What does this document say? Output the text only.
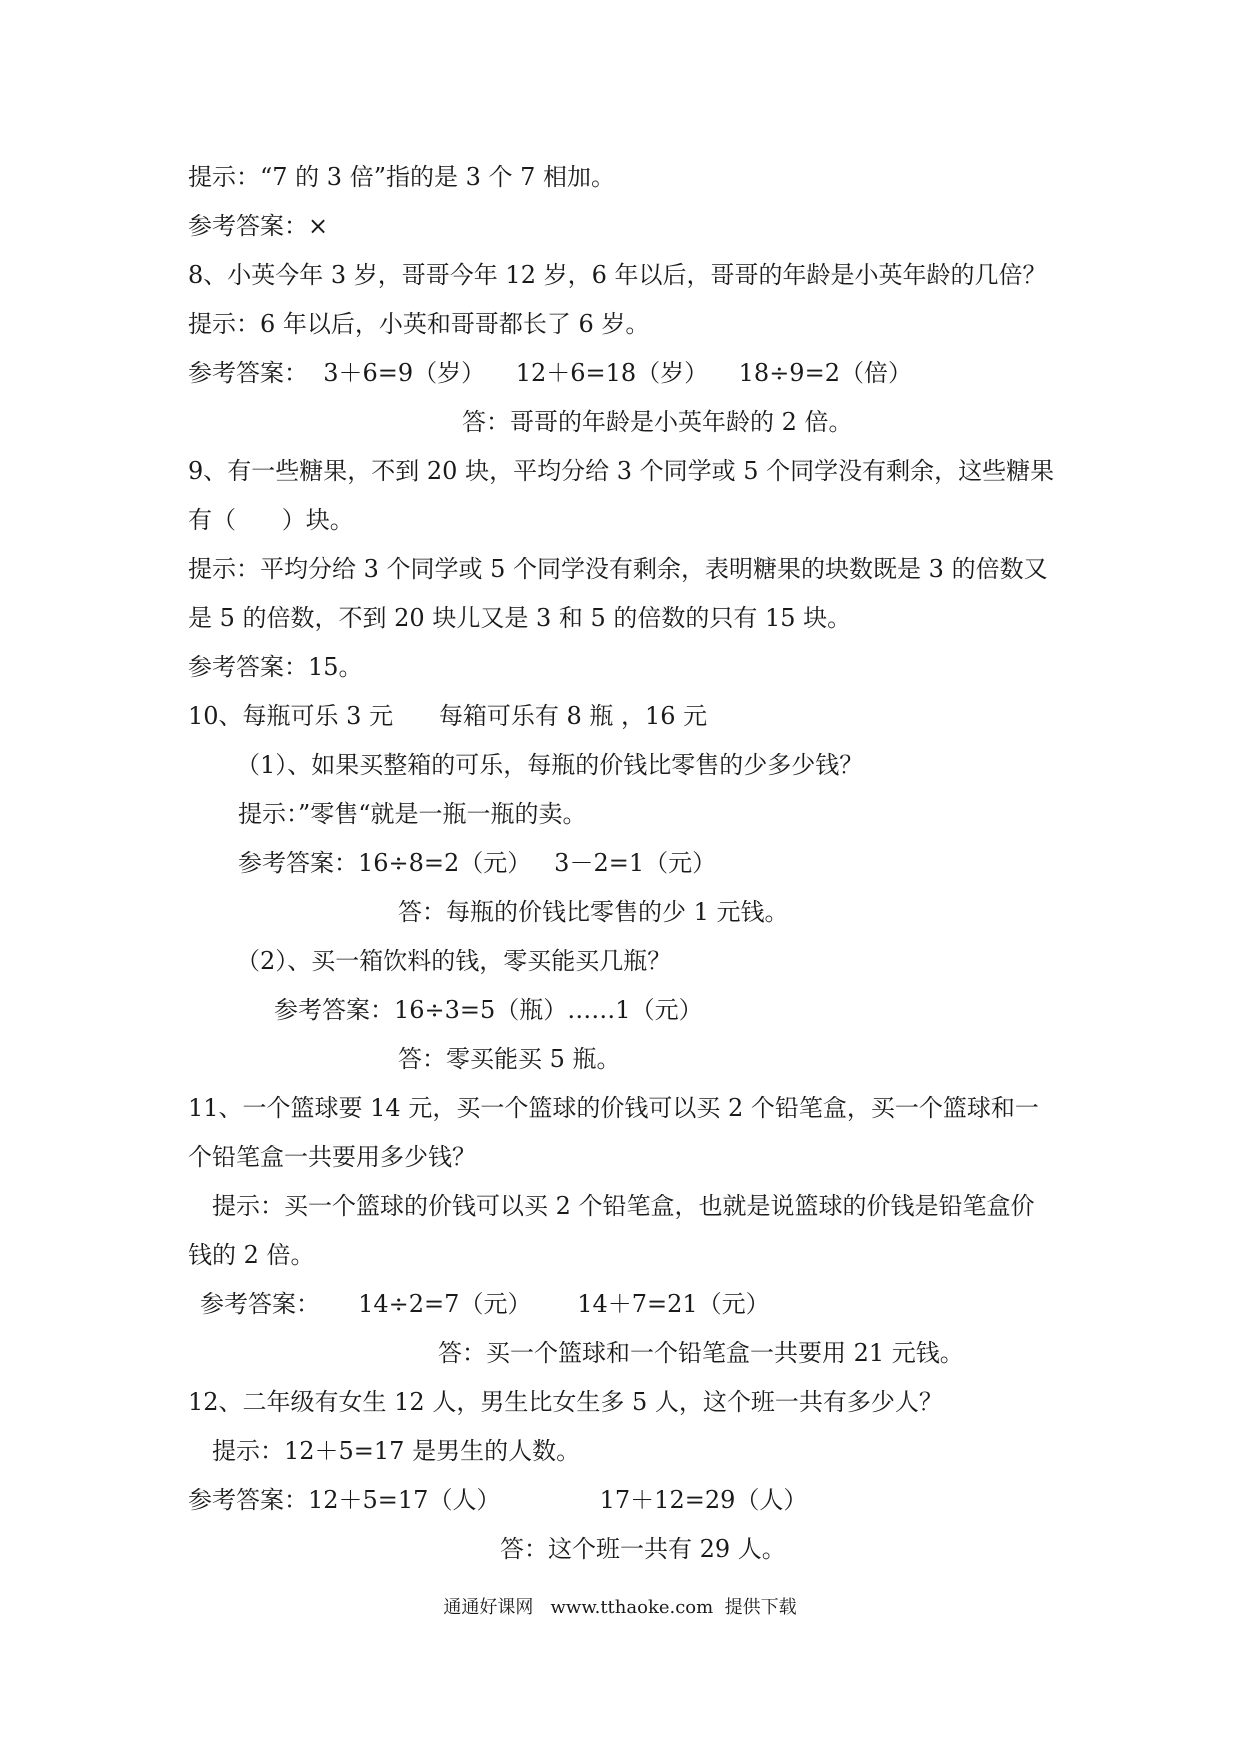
提示：“7 的 3 倍”指的是 3 个 7 相加。
参考答案：×
8、小英今年 3 岁，哥哥今年 12 岁，6 年以后，哥哥的年龄是小英年龄的几倍？
提示：6 年以后，小英和哥哥都长了 6 岁。
参考答案：  3＋6=9（岁）    12＋6=18（岁）    18÷9=2（倍）
答：哥哥的年龄是小英年龄的 2 倍。
9、有一些糖果，不到 20 块，平均分给 3 个同学或 5 个同学没有剩余，这些糖果
有（      ）块。
提示：平均分给 3 个同学或 5 个同学没有剩余，表明糖果的块数既是 3 的倍数又
是 5 的倍数，不到 20 块儿又是 3 和 5 的倍数的只有 15 块。
参考答案：15。
10、每瓶可乐 3 元      每箱可乐有 8 瓶 ，16 元
（1）、如果买整箱的可乐，每瓶的价钱比零售的少多少钱？
提示：”零售“就是一瓶一瓶的卖。
参考答案：16÷8=2（元）   3－2=1（元）
答：每瓶的价钱比零售的少 1 元钱。
（2）、买一箱饮料的钱，零买能买几瓶？
参考答案：16÷3=5（瓶）……1（元）
答：零买能买 5 瓶。
11、一个篮球要 14 元，买一个篮球的价钱可以买 2 个铅笔盒，买一个篮球和一
个铅笔盒一共要用多少钱？
提示：买一个篮球的价钱可以买 2 个铅笔盒，也就是说篮球的价钱是铅笔盒价
钱的 2 倍。
参考答案：     14÷2=7（元）      14＋7=21（元）
答：买一个篮球和一个铅笔盒一共要用 21 元钱。
12、二年级有女生 12 人，男生比女生多 5 人，这个班一共有多少人？
提示：12＋5=17 是男生的人数。
参考答案：12＋5=17（人）             17＋12=29（人）
答：这个班一共有 29 人。
通通好课网   www.tthaoke.com  提供下载
